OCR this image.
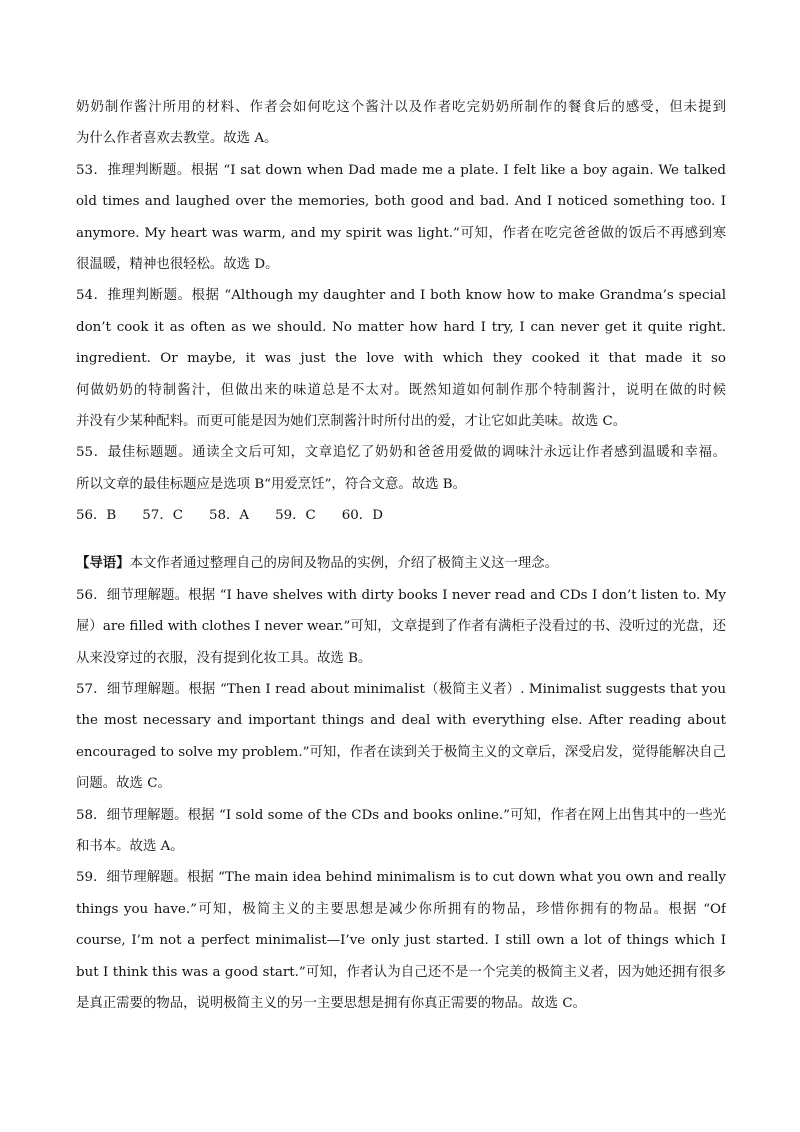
奶奶制作酱汁所用的材料、作者会如何吃这个酱汁以及作者吃完奶奶所制作的餐食后的感受，但未提到
为什么作者喜欢去教堂。故选 A。
53．推理判断题。根据 “I sat down when Dad made me a plate. I felt like a boy again. We talked
old times and laughed over the memories, both good and bad. And I noticed something too. I
anymore. My heart was warm, and my spirit was light.”可知，作者在吃完爸爸做的饭后不再感到寒
很温暖，精神也很轻松。故选 D。
54．推理判断题。根据 “Although my daughter and I both know how to make Grandma’s special
don’t cook it as often as we should. No matter how hard I try, I can never get it quite right.
ingredient. Or maybe, it was just the love with which they cooked it that made it so
何做奶奶的特制酱汁，但做出来的味道总是不太对。既然知道如何制作那个特制酱汁，说明在做的时候
并没有少某种配料。而更可能是因为她们烹制酱汁时所付出的爱，才让它如此美味。故选 C。
55．最佳标题题。通读全文后可知，文章追忆了奶奶和爸爸用爱做的调味汁永远让作者感到温暖和幸福。
所以文章的最佳标题应是选项 B“用爱烹饪”，符合文意。故选 B。
56．B 57．C 58．A 59．C 60．D
【导语】本文作者通过整理自己的房间及物品的实例，介绍了极简主义这一理念。
56．细节理解题。根据 “I have shelves with dirty books I never read and CDs I don’t listen to. My
屉）are filled with clothes I never wear.”可知，文章提到了作者有满柜子没看过的书、没听过的光盘，还
从来没穿过的衣服，没有提到化妆工具。故选 B。
57．细节理解题。根据 “Then I read about minimalist（极简主义者）. Minimalist suggests that you
the most necessary and important things and deal with everything else. After reading about
encouraged to solve my problem.”可知，作者在读到关于极简主义的文章后，深受启发，觉得能解决自己
问题。故选 C。
58．细节理解题。根据 “I sold some of the CDs and books online.”可知，作者在网上出售其中的一些光
和书本。故选 A。
59．细节理解题。根据 “The main idea behind minimalism is to cut down what you own and really
things you have.”可知，极简主义的主要思想是减少你所拥有的物品，珍惜你拥有的物品。根据 “Of
course, I’m not a perfect minimalist—I’ve only just started. I still own a lot of things which I
but I think this was a good start.”可知，作者认为自己还不是一个完美的极简主义者，因为她还拥有很多
是真正需要的物品，说明极简主义的另一主要思想是拥有你真正需要的物品。故选 C。
